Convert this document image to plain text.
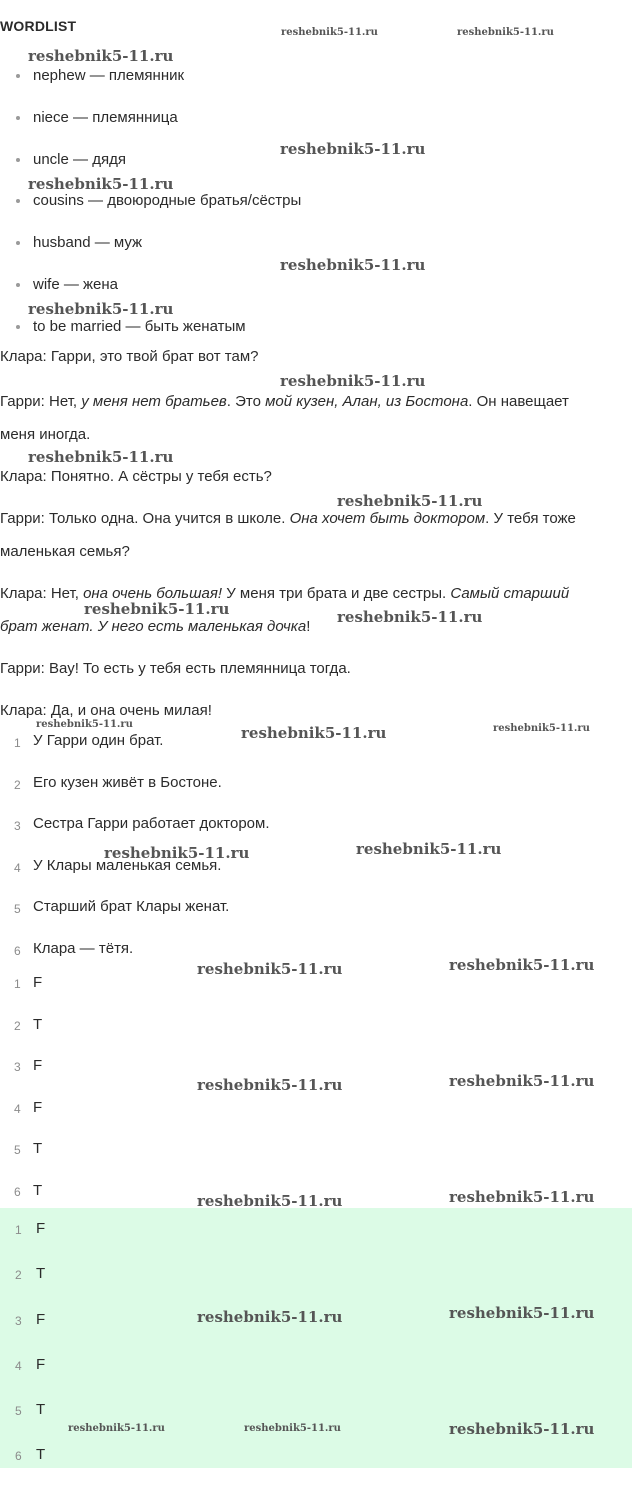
WORDLIST
nephew — племянник
niece — племянница
uncle — дядя
cousins — двоюродные братья/сёстры
husband — муж
wife — жена
to be married — быть женатым

Клара: Гарри, это твой брат вот там?

Гарри: Нет, у меня нет братьев. Это мой кузен, Алан, из Бостона. Он навещает

меня иногда.

Клара: Понятно. А сёстры у тебя есть?

Гарри: Только одна. Она учится в школе. Она хочет быть доктором. У тебя тоже

маленькая семья?

Клара: Нет, она очень большая! У меня три брата и две сестры. Самый старший

брат женат. У него есть маленькая дочка!

Гарри: Вау! То есть у тебя есть племянница тогда.

Клара: Да, и она очень милая!

1 У Гарри один брат.
2 Его кузен живёт в Бостоне.
3 Сестра Гарри работает доктором.
4 У Клары маленькая семья.
5 Старший брат Клары женат.
6 Клара — тётя.
1 F
2 T
3 F
4 F
5 T
6 T
1 F
2 T
3 F
4 F
5 T
6 T
reshebnik5-11.ru	reshebnik5-11.ru
reshebnik5-11.ru
reshebnik5-11.ru
reshebnik5-11.ru
reshebnik5-11.ru
reshebnik5-11.ru
reshebnik5-11.ru
reshebnik5-11.ru
reshebnik5-11.ru
reshebnik5-11.ru	reshebnik5-11.ru
reshebnik5-11.ru	reshebnik5-11.ru	reshebnik5-11.ru
reshebnik5-11.ru	reshebnik5-11.ru
reshebnik5-11.ru	reshebnik5-11.ru
reshebnik5-11.ru	reshebnik5-11.ru
reshebnik5-11.ru	reshebnik5-11.ru
reshebnik5-11.ru	reshebnik5-11.ru
reshebnik5-11.ru	reshebnik5-11.ru	reshebnik5-11.ru
